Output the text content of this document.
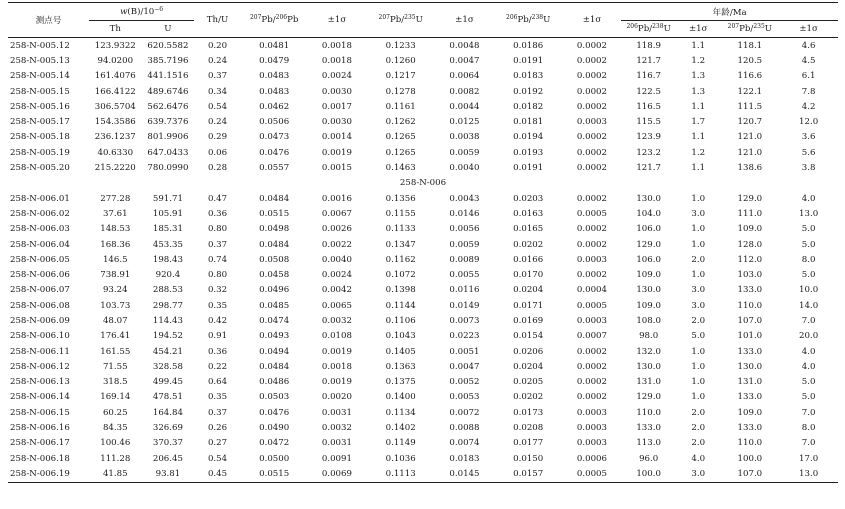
测点号	$w(B)/10^{-6}$		Th/U	$^{207}$Pb/$^{206}$Pb	±1σ	$^{207}$Pb/$^{235}$U	±1σ	$^{206}$Pb/$^{238}$U	±1σ	年龄/Ma			
	Th	U								$^{206}$Pb/$^{238}$U	±1σ	$^{207}$Pb/$^{235}$U	±1σ
258-N-005.12	123.9322	620.5582	0.20	0.0481	0.0018	0.1233	0.0048	0.0186	0.0002	118.9	1.1	118.1	4.6
258-N-005.13	94.0200	385.7196	0.24	0.0479	0.0018	0.1260	0.0047	0.0191	0.0002	121.7	1.2	120.5	4.5
258-N-005.14	161.4076	441.1516	0.37	0.0483	0.0024	0.1217	0.0064	0.0183	0.0002	116.7	1.3	116.6	6.1
258-N-005.15	166.4122	489.6746	0.34	0.0483	0.0030	0.1278	0.0082	0.0192	0.0002	122.5	1.3	122.1	7.8
258-N-005.16	306.5704	562.6476	0.54	0.0462	0.0017	0.1161	0.0044	0.0182	0.0002	116.5	1.1	111.5	4.2
258-N-005.17	154.3586	639.7376	0.24	0.0506	0.0030	0.1262	0.0125	0.0181	0.0003	115.5	1.7	120.7	12.0
258-N-005.18	236.1237	801.9906	0.29	0.0473	0.0014	0.1265	0.0038	0.0194	0.0002	123.9	1.1	121.0	3.6
258-N-005.19	40.6330	647.0433	0.06	0.0476	0.0019	0.1265	0.0059	0.0193	0.0002	123.2	1.2	121.0	5.6
258-N-005.20	215.2220	780.0990	0.28	0.0557	0.0015	0.1463	0.0040	0.0191	0.0002	121.7	1.1	138.6	3.8
258-N-006													
258-N-006.01	277.28	591.71	0.47	0.0484	0.0016	0.1356	0.0043	0.0203	0.0002	130.0	1.0	129.0	4.0
258-N-006.02	37.61	105.91	0.36	0.0515	0.0067	0.1155	0.0146	0.0163	0.0005	104.0	3.0	111.0	13.0
258-N-006.03	148.53	185.31	0.80	0.0498	0.0026	0.1133	0.0056	0.0165	0.0002	106.0	1.0	109.0	5.0
258-N-006.04	168.36	453.35	0.37	0.0484	0.0022	0.1347	0.0059	0.0202	0.0002	129.0	1.0	128.0	5.0
258-N-006.05	146.5	198.43	0.74	0.0508	0.0040	0.1162	0.0089	0.0166	0.0003	106.0	2.0	112.0	8.0
258-N-006.06	738.91	920.4	0.80	0.0458	0.0024	0.1072	0.0055	0.0170	0.0002	109.0	1.0	103.0	5.0
258-N-006.07	93.24	288.53	0.32	0.0496	0.0042	0.1398	0.0116	0.0204	0.0004	130.0	3.0	133.0	10.0
258-N-006.08	103.73	298.77	0.35	0.0485	0.0065	0.1144	0.0149	0.0171	0.0005	109.0	3.0	110.0	14.0
258-N-006.09	48.07	114.43	0.42	0.0474	0.0032	0.1106	0.0073	0.0169	0.0003	108.0	2.0	107.0	7.0
258-N-006.10	176.41	194.52	0.91	0.0493	0.0108	0.1043	0.0223	0.0154	0.0007	98.0	5.0	101.0	20.0
258-N-006.11	161.55	454.21	0.36	0.0494	0.0019	0.1405	0.0051	0.0206	0.0002	132.0	1.0	133.0	4.0
258-N-006.12	71.55	328.58	0.22	0.0484	0.0018	0.1363	0.0047	0.0204	0.0002	130.0	1.0	130.0	4.0
258-N-006.13	318.5	499.45	0.64	0.0486	0.0019	0.1375	0.0052	0.0205	0.0002	131.0	1.0	131.0	5.0
258-N-006.14	169.14	478.51	0.35	0.0503	0.0020	0.1400	0.0053	0.0202	0.0002	129.0	1.0	133.0	5.0
258-N-006.15	60.25	164.84	0.37	0.0476	0.0031	0.1134	0.0072	0.0173	0.0003	110.0	2.0	109.0	7.0
258-N-006.16	84.35	326.69	0.26	0.0490	0.0032	0.1402	0.0088	0.0208	0.0003	133.0	2.0	133.0	8.0
258-N-006.17	100.46	370.37	0.27	0.0472	0.0031	0.1149	0.0074	0.0177	0.0003	113.0	2.0	110.0	7.0
258-N-006.18	111.28	206.45	0.54	0.0500	0.0091	0.1036	0.0183	0.0150	0.0006	96.0	4.0	100.0	17.0
258-N-006.19	41.85	93.81	0.45	0.0515	0.0069	0.1113	0.0145	0.0157	0.0005	100.0	3.0	107.0	13.0
